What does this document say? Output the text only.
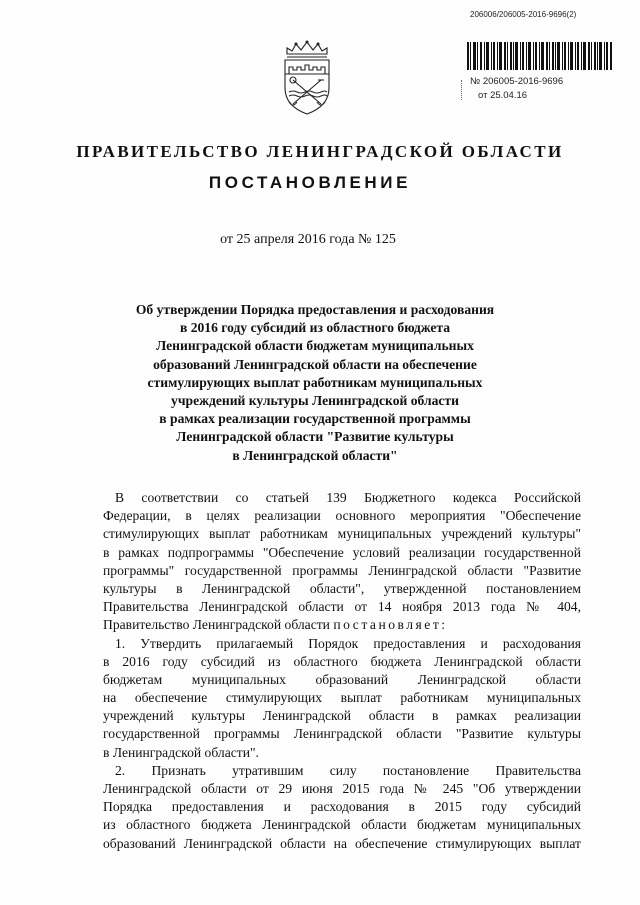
206006/206005-2016-9696(2)
№ 206005-2016-9696
от 25.04.16
ПРАВИТЕЛЬСТВО ЛЕНИНГРАДСКОЙ ОБЛАСТИ
ПОСТАНОВЛЕНИЕ
от 25 апреля 2016 года № 125
Об утверждении Порядка предоставления и расходования
в 2016 году субсидий из областного бюджета
Ленинградской области бюджетам муниципальных
образований Ленинградской области на обеспечение
стимулирующих выплат работникам муниципальных
учреждений культуры Ленинградской области
в рамках реализации государственной программы
Ленинградской области "Развитие культуры
в Ленинградской области"
В соответствии со статьей 139 Бюджетного кодекса Российской
Федерации, в целях реализации основного мероприятия "Обеспечение
стимулирующих выплат работникам муниципальных учреждений культуры"
в рамках подпрограммы "Обеспечение условий реализации государственной
программы" государственной программы Ленинградской области "Развитие
культуры в Ленинградской области", утвержденной постановлением
Правительства Ленинградской области от 14 ноября 2013 года № 404,
Правительство Ленинградской области постановляет:
1. Утвердить прилагаемый Порядок предоставления и расходования
в 2016 году субсидий из областного бюджета Ленинградской области
бюджетам муниципальных образований Ленинградской области
на обеспечение стимулирующих выплат работникам муниципальных
учреждений культуры Ленинградской области в рамках реализации
государственной программы Ленинградской области "Развитие культуры
в Ленинградской области".
2. Признать утратившим силу постановление Правительства
Ленинградской области от 29 июня 2015 года № 245 "Об утверждении
Порядка предоставления и расходования в 2015 году субсидий
из областного бюджета Ленинградской области бюджетам муниципальных
образований Ленинградской области на обеспечение стимулирующих выплат
